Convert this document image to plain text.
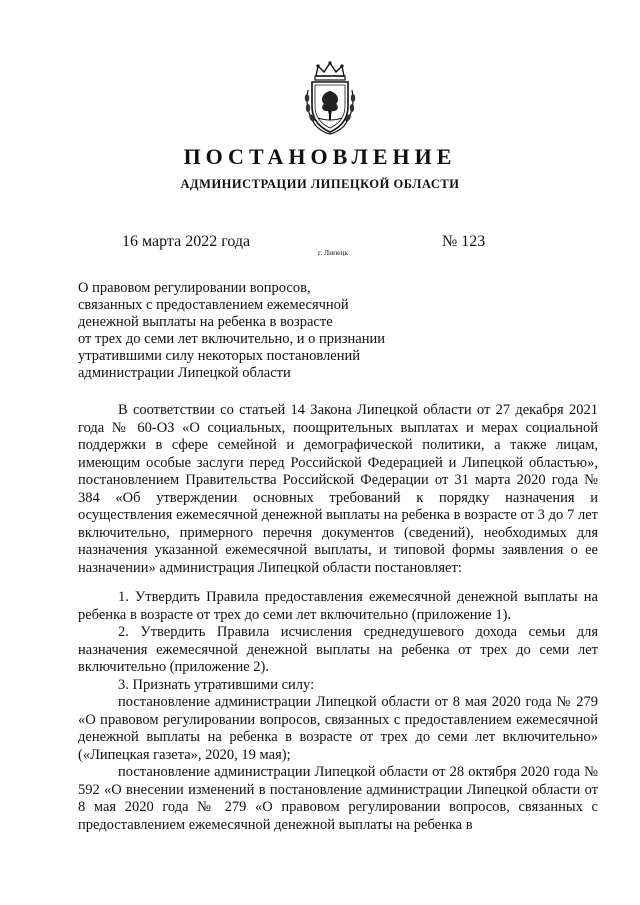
ПОСТАНОВЛЕНИЕ
АДМИНИСТРАЦИИ ЛИПЕЦКОЙ ОБЛАСТИ
16 марта 2022 года
г. Липецк
№ 123
О правовом регулировании вопросов,
связанных с предоставлением ежемесячной
денежной выплаты на ребенка в возрасте
от трех до семи лет включительно, и о признании
утратившими силу некоторых постановлений
администрации Липецкой области

В соответствии со статьей 14 Закона Липецкой области от 27 декабря 2021 года № 60-ОЗ «О социальных, поощрительных выплатах и мерах социальной поддержки в сфере семейной и демографической политики, а также лицам, имеющим особые заслуги перед Российской Федерацией и Липецкой областью», постановлением Правительства Российской Федерации от 31 марта 2020 года № 384 «Об утверждении основных требований к порядку назначения и осуществления ежемесячной денежной выплаты на ребенка в возрасте от 3 до 7 лет включительно, примерного перечня документов (сведений), необходимых для назначения указанной ежемесячной выплаты, и типовой формы заявления о ее назначении» администрация Липецкой области постановляет:

1. Утвердить Правила предоставления ежемесячной денежной выплаты на ребенка в возрасте от трех до семи лет включительно (приложение 1).

2. Утвердить Правила исчисления среднедушевого дохода семьи для назначения ежемесячной денежной выплаты на ребенка от трех до семи лет включительно (приложение 2).

3. Признать утратившими силу:

постановление администрации Липецкой области от 8 мая 2020 года № 279 «О правовом регулировании вопросов, связанных с предоставлением ежемесячной денежной выплаты на ребенка в возрасте от трех до семи лет включительно» («Липецкая газета», 2020, 19 мая);

постановление администрации Липецкой области от 28 октября 2020 года № 592 «О внесении изменений в постановление администрации Липецкой области от 8 мая 2020 года № 279 «О правовом регулировании вопросов, связанных с предоставлением ежемесячной денежной выплаты на ребенка в
